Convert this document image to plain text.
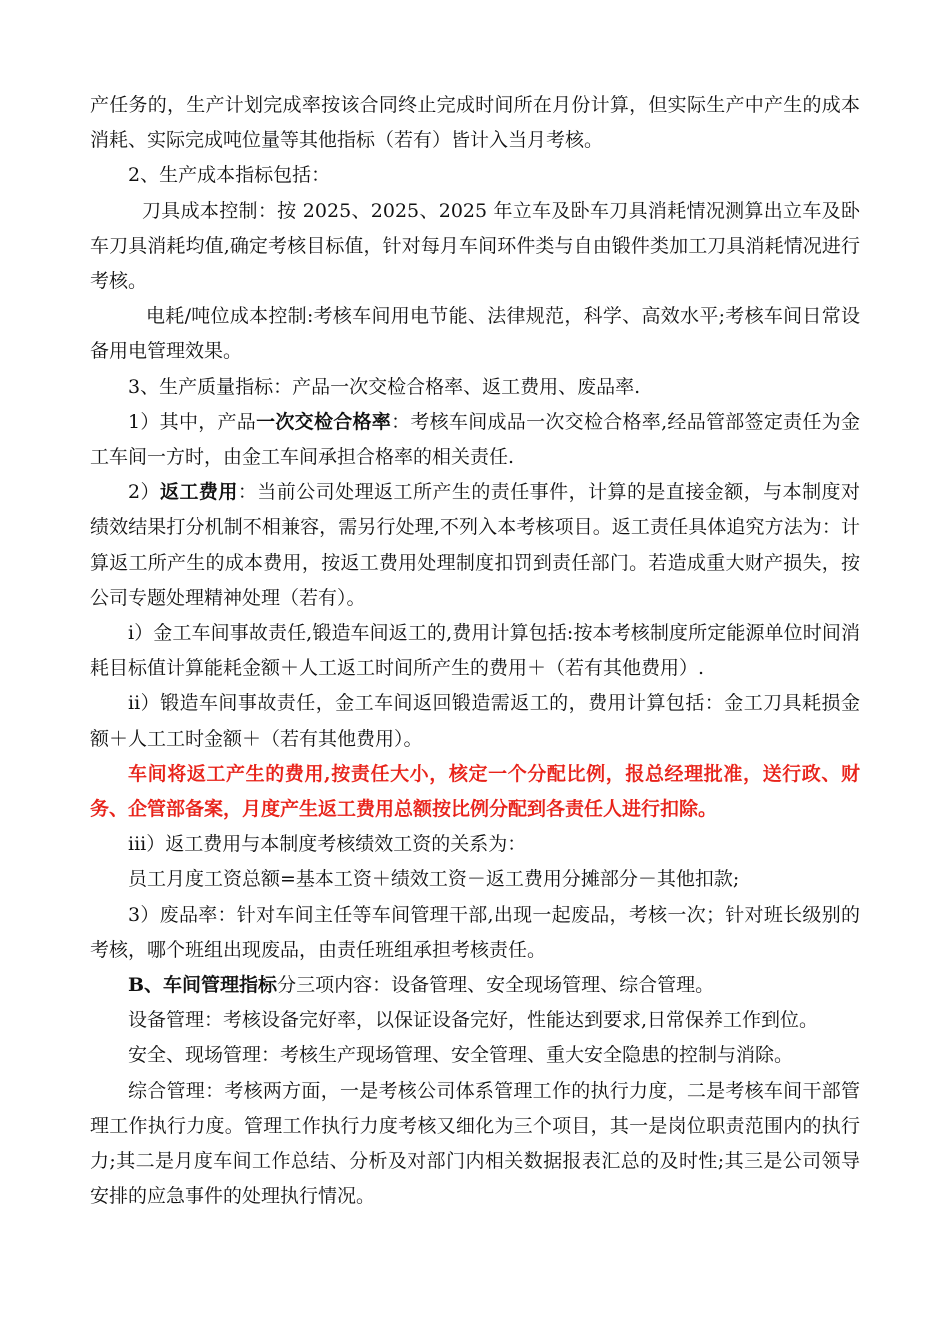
产任务的，生产计划完成率按该合同终止完成时间所在月份计算，但实际生产中产生的成本消耗、实际完成吨位量等其他指标（若有）皆计入当月考核。

2、生产成本指标包括：

刀具成本控制：按 2025、2025、2025 年立车及卧车刀具消耗情况测算出立车及卧车刀具消耗均值,确定考核目标值，针对每月车间环件类与自由锻件类加工刀具消耗情况进行考核。

电耗/吨位成本控制:考核车间用电节能、法律规范，科学、高效水平;考核车间日常设备用电管理效果。

3、生产质量指标：产品一次交检合格率、返工费用、废品率.

1）其中，产品一次交检合格率：考核车间成品一次交检合格率,经品管部签定责任为金工车间一方时，由金工车间承担合格率的相关责任.

2）返工费用：当前公司处理返工所产生的责任事件，计算的是直接金额，与本制度对绩效结果打分机制不相兼容，需另行处理,不列入本考核项目。返工责任具体追究方法为：计算返工所产生的成本费用，按返工费用处理制度扣罚到责任部门。若造成重大财产损失，按公司专题处理精神处理（若有）。

i）金工车间事故责任,锻造车间返工的,费用计算包括:按本考核制度所定能源单位时间消耗目标值计算能耗金额＋人工返工时间所产生的费用＋（若有其他费用）.

ii）锻造车间事故责任，金工车间返回锻造需返工的，费用计算包括：金工刀具耗损金额＋人工工时金额＋（若有其他费用）。

车间将返工产生的费用,按责任大小，核定一个分配比例，报总经理批准，送行政、财务、企管部备案，月度产生返工费用总额按比例分配到各责任人进行扣除。

iii）返工费用与本制度考核绩效工资的关系为：

员工月度工资总额=基本工资＋绩效工资－返工费用分摊部分－其他扣款;

3）废品率：针对车间主任等车间管理干部,出现一起废品，考核一次；针对班长级别的考核，哪个班组出现废品，由责任班组承担考核责任。

B、车间管理指标分三项内容：设备管理、安全现场管理、综合管理。

设备管理：考核设备完好率，以保证设备完好，性能达到要求,日常保养工作到位。

安全、现场管理：考核生产现场管理、安全管理、重大安全隐患的控制与消除。

综合管理：考核两方面，一是考核公司体系管理工作的执行力度，二是考核车间干部管理工作执行力度。管理工作执行力度考核又细化为三个项目，其一是岗位职责范围内的执行力;其二是月度车间工作总结、分析及对部门内相关数据报表汇总的及时性;其三是公司领导安排的应急事件的处理执行情况。
